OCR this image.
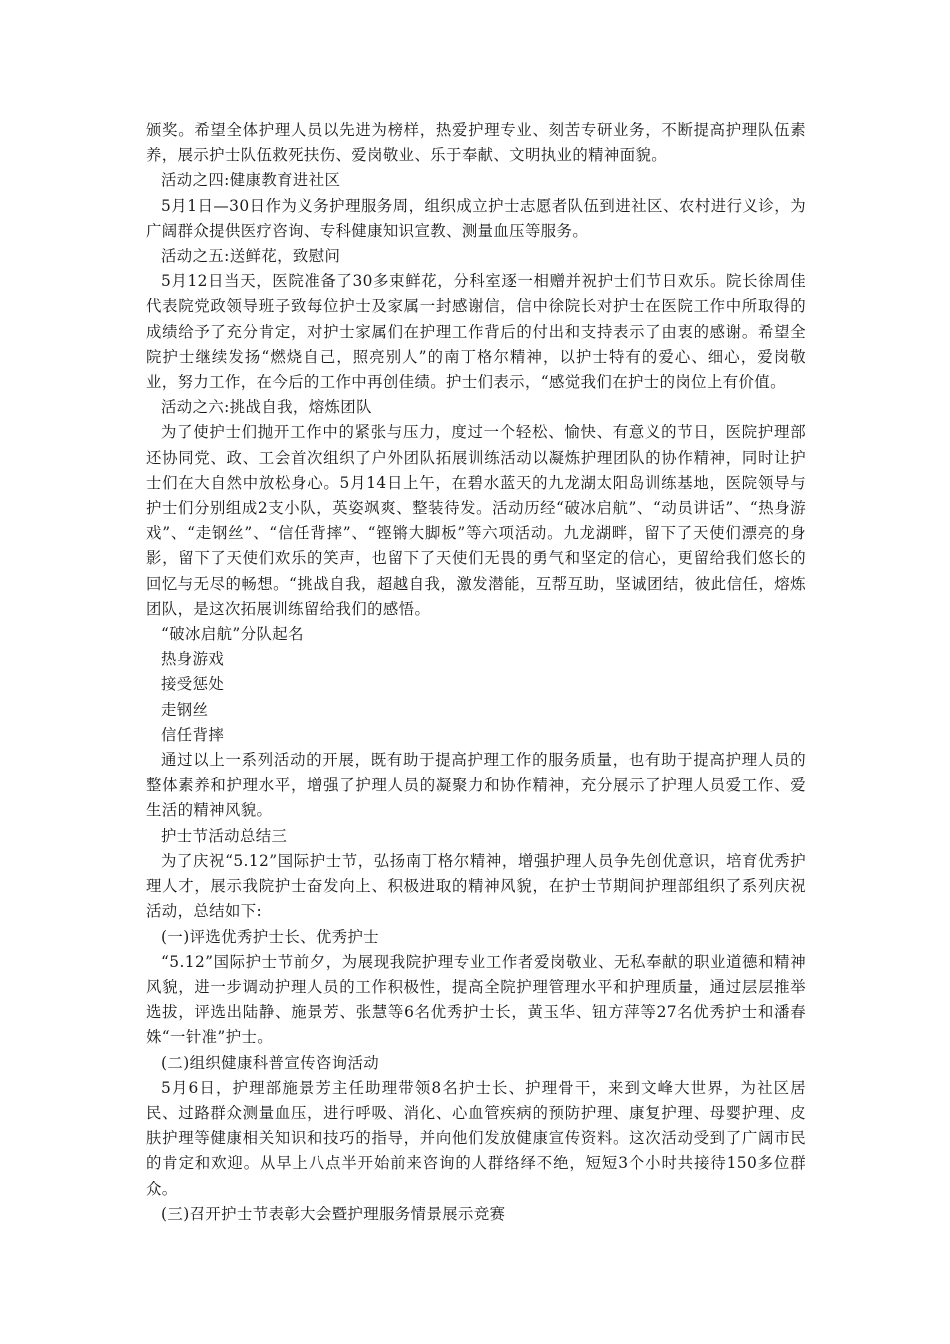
颁奖。希望全体护理人员以先进为榜样，热爱护理专业、刻苦专研业务，不断提高护理队伍素养，展示护士队伍救死扶伤、爱岗敬业、乐于奉献、文明执业的精神面貌。

活动之四:健康教育进社区

5月1日—30日作为义务护理服务周，组织成立护士志愿者队伍到进社区、农村进行义诊，为广阔群众提供医疗咨询、专科健康知识宣教、测量血压等服务。

活动之五:送鲜花，致慰问

5月12日当天，医院准备了30多束鲜花，分科室逐一相赠并祝护士们节日欢乐。院长徐周佳代表院党政领导班子致每位护士及家属一封感谢信，信中徐院长对护士在医院工作中所取得的成绩给予了充分肯定，对护士家属们在护理工作背后的付出和支持表示了由衷的感谢。希望全院护士继续发扬“燃烧自己，照亮别人”的南丁格尔精神，以护士特有的爱心、细心，爱岗敬业，努力工作，在今后的工作中再创佳绩。护士们表示，“感觉我们在护士的岗位上有价值。

活动之六:挑战自我，熔炼团队

为了使护士们抛开工作中的紧张与压力，度过一个轻松、愉快、有意义的节日，医院护理部还协同党、政、工会首次组织了户外团队拓展训练活动以凝炼护理团队的协作精神，同时让护士们在大自然中放松身心。5月14日上午，在碧水蓝天的九龙湖太阳岛训练基地，医院领导与护士们分别组成2支小队，英姿飒爽、整装待发。活动历经“破冰启航”、“动员讲话”、“热身游戏”、“走钢丝”、“信任背摔”、“铿锵大脚板”等六项活动。九龙湖畔，留下了天使们漂亮的身影，留下了天使们欢乐的笑声，也留下了天使们无畏的勇气和坚定的信心，更留给我们悠长的回忆与无尽的畅想。“挑战自我，超越自我，激发潜能，互帮互助，坚诚团结，彼此信任，熔炼团队，是这次拓展训练留给我们的感悟。

“破冰启航”分队起名

热身游戏

接受惩处

走钢丝

信任背摔

通过以上一系列活动的开展，既有助于提高护理工作的服务质量，也有助于提高护理人员的整体素养和护理水平，增强了护理人员的凝聚力和协作精神，充分展示了护理人员爱工作、爱生活的精神风貌。

护士节活动总结三

为了庆祝“5.12”国际护士节，弘扬南丁格尔精神，增强护理人员争先创优意识，培育优秀护理人才，展示我院护士奋发向上、积极进取的精神风貌，在护士节期间护理部组织了系列庆祝活动，总结如下:

(一)评选优秀护士长、优秀护士

“5.12”国际护士节前夕，为展现我院护理专业工作者爱岗敬业、无私奉献的职业道德和精神风貌，进一步调动护理人员的工作积极性，提高全院护理管理水平和护理质量，通过层层推举选拔，评选出陆静、施景芳、张慧等6名优秀护士长，黄玉华、钮方萍等27名优秀护士和潘春姝“一针准”护士。

(二)组织健康科普宣传咨询活动

5月6日，护理部施景芳主任助理带领8名护士长、护理骨干，来到文峰大世界，为社区居民、过路群众测量血压，进行呼吸、消化、心血管疾病的预防护理、康复护理、母婴护理、皮肤护理等健康相关知识和技巧的指导，并向他们发放健康宣传资料。这次活动受到了广阔市民的肯定和欢迎。从早上八点半开始前来咨询的人群络绎不绝，短短3个小时共接待150多位群众。

(三)召开护士节表彰大会暨护理服务情景展示竞赛
